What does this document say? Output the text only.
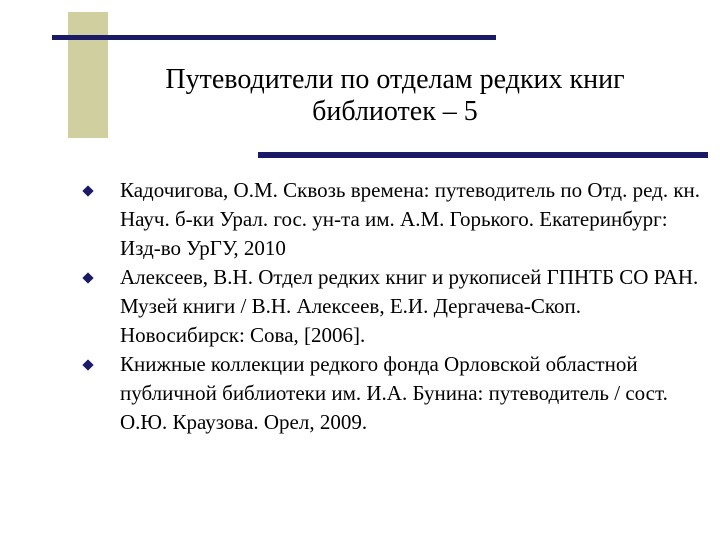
Путеводители по отделам редких книг библиотек – 5
Кадочигова, О.М. Сквозь времена: путеводитель по Отд. ред. кн. Науч. б-ки Урал. гос. ун-та им. А.М. Горького. Екатеринбург: Изд-во УрГУ, 2010
Алексеев, В.Н. Отдел редких книг и рукописей ГПНТБ СО РАН. Музей книги / В.Н. Алексеев, Е.И. Дергачева-Скоп. Новосибирск: Сова, [2006].
Книжные коллекции редкого фонда Орловской областной публичной библиотеки им. И.А. Бунина: путеводитель / сост. О.Ю. Краузова. Орел, 2009.
